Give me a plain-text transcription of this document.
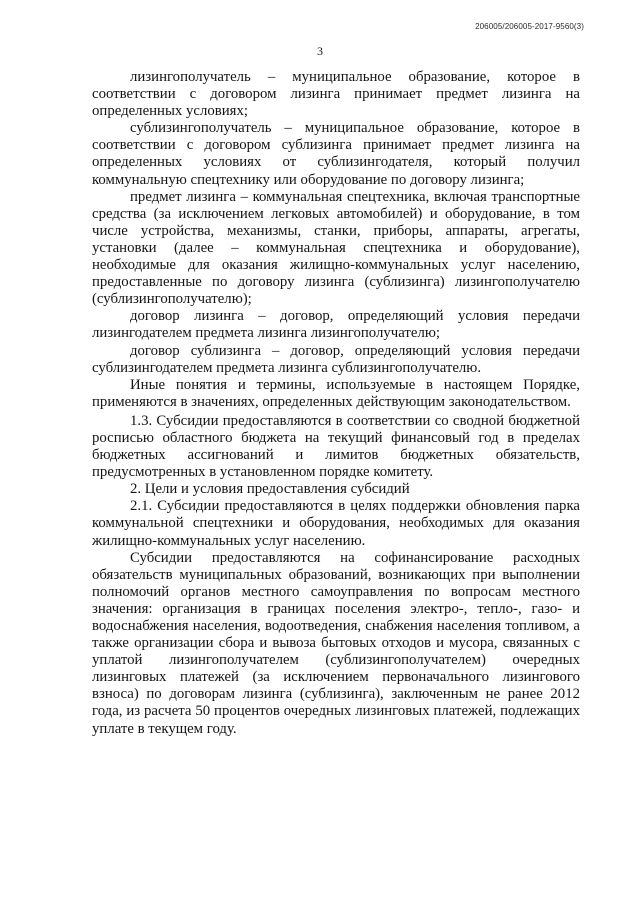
206005/206005-2017-9560(3)
3

лизингополучатель – муниципальное образование, которое в соответствии с договором лизинга принимает предмет лизинга на определенных условиях;

сублизингополучатель – муниципальное образование, которое в соответствии с договором сублизинга принимает предмет лизинга на определенных условиях от сублизингодателя, который получил коммунальную спецтехнику или оборудование по договору лизинга;

предмет лизинга – коммунальная спецтехника, включая транспортные средства (за исключением легковых автомобилей) и оборудование, в том числе устройства, механизмы, станки, приборы, аппараты, агрегаты, установки (далее – коммунальная спецтехника и оборудование), необходимые для оказания жилищно-коммунальных услуг населению, предоставленные по договору лизинга (сублизинга) лизингополучателю (сублизингополучателю);

договор лизинга – договор, определяющий условия передачи лизингодателем предмета лизинга лизингополучателю;

договор сублизинга – договор, определяющий условия передачи сублизингодателем предмета лизинга сублизингополучателю.

Иные понятия и термины, используемые в настоящем Порядке, применяются в значениях, определенных действующим законодательством.

1.3. Субсидии предоставляются в соответствии со сводной бюджетной росписью областного бюджета на текущий финансовый год в пределах бюджетных ассигнований и лимитов бюджетных обязательств, предусмотренных в установленном порядке комитету.

2. Цели и условия предоставления субсидий

2.1. Субсидии предоставляются в целях поддержки обновления парка коммунальной спецтехники и оборудования, необходимых для оказания жилищно-коммунальных услуг населению.

Субсидии предоставляются на софинансирование расходных обязательств муниципальных образований, возникающих при выполнении полномочий органов местного самоуправления по вопросам местного значения: организация в границах поселения электро-, тепло-, газо- и водоснабжения населения, водоотведения, снабжения населения топливом, а также организации сбора и вывоза бытовых отходов и мусора, связанных с уплатой лизингополучателем (сублизингополучателем) очередных лизинговых платежей (за исключением первоначального лизингового взноса) по договорам лизинга (сублизинга), заключенным не ранее 2012 года, из расчета 50 процентов очередных лизинговых платежей, подлежащих уплате в текущем году.
